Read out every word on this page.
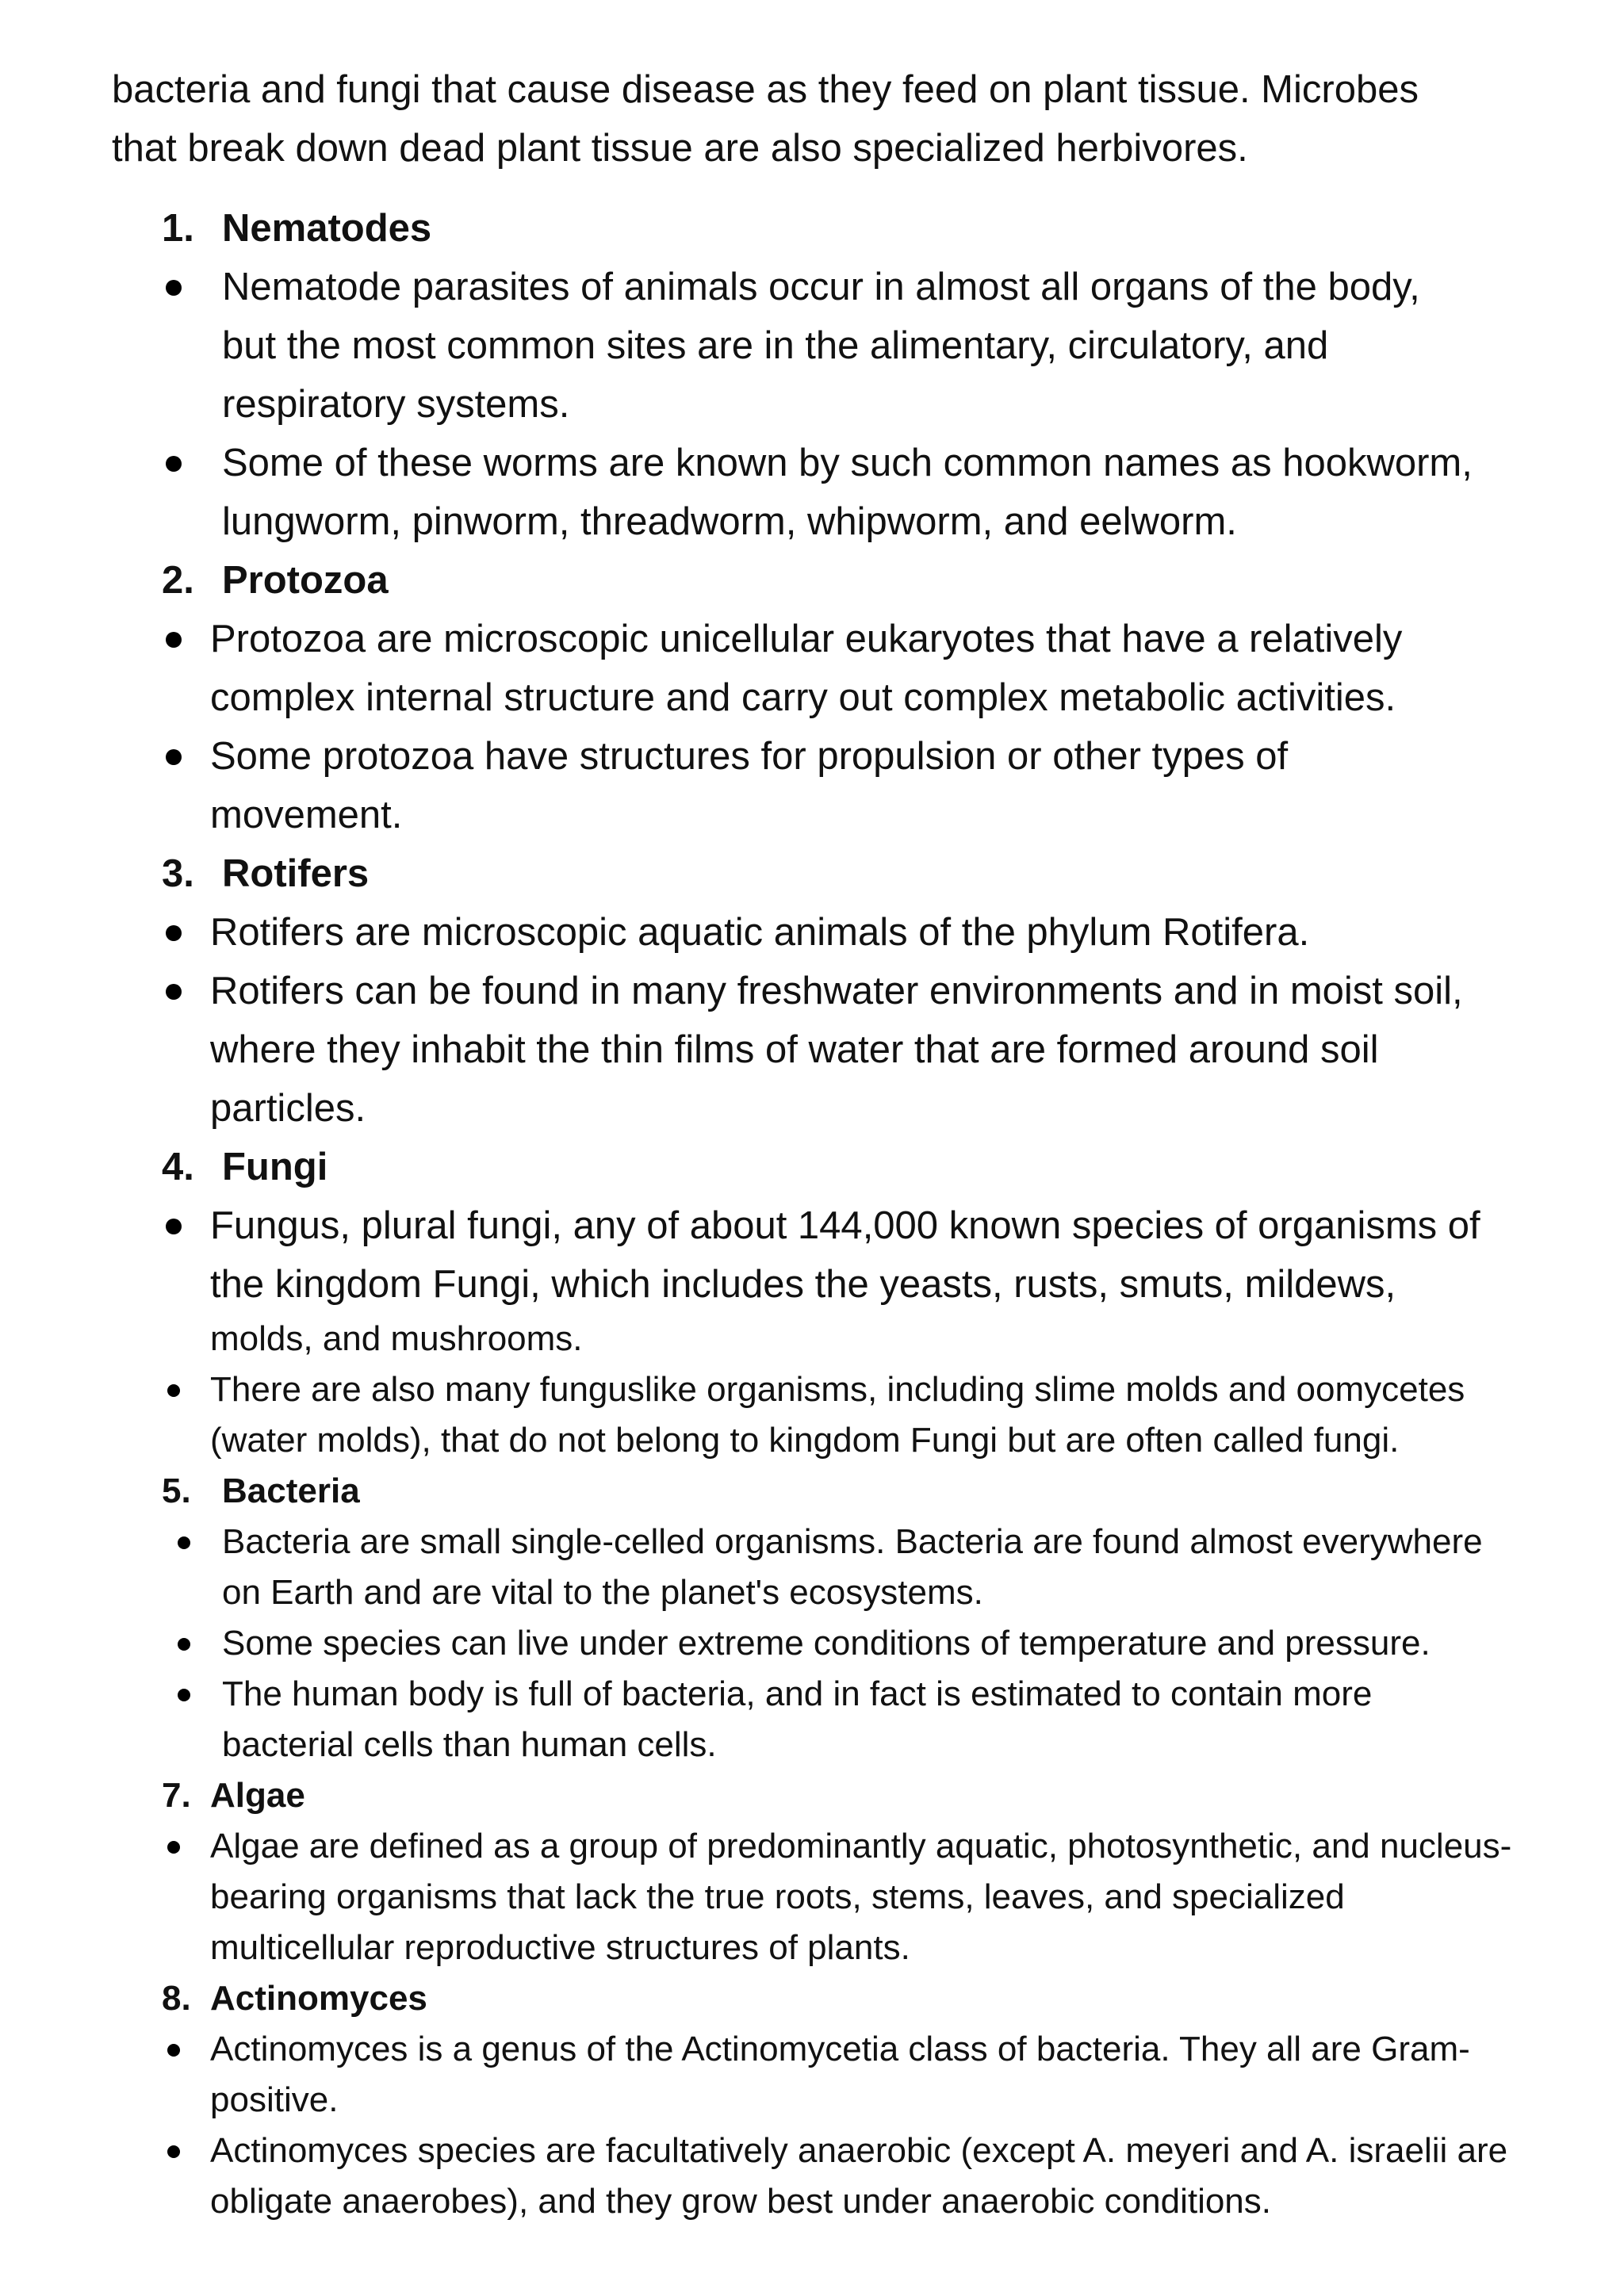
bacteria and fungi that cause disease as they feed on plant tissue. Microbes
that break down dead plant tissue are also specialized herbivores.
1. Nematodes
Nematode parasites of animals occur in almost all organs of the body,
but the most common sites are in the alimentary, circulatory, and
respiratory systems.
Some of these worms are known by such common names as hookworm,
lungworm, pinworm, threadworm, whipworm, and eelworm.
2. Protozoa
Protozoa are microscopic unicellular eukaryotes that have a relatively
complex internal structure and carry out complex metabolic activities.
Some protozoa have structures for propulsion or other types of
movement.
3. Rotifers
Rotifers are microscopic aquatic animals of the phylum Rotifera.
Rotifers can be found in many freshwater environments and in moist soil,
where they inhabit the thin films of water that are formed around soil
particles.
4. Fungi
Fungus, plural fungi, any of about 144,000 known species of organisms of
the kingdom Fungi, which includes the yeasts, rusts, smuts, mildews,
molds, and mushrooms.
There are also many funguslike organisms, including slime molds and oomycetes
(water molds), that do not belong to kingdom Fungi but are often called fungi.
5. Bacteria
Bacteria are small single-celled organisms. Bacteria are found almost everywhere
on Earth and are vital to the planet's ecosystems.
Some species can live under extreme conditions of temperature and pressure.
The human body is full of bacteria, and in fact is estimated to contain more
bacterial cells than human cells.
7. Algae
Algae are defined as a group of predominantly aquatic, photosynthetic, and nucleus-
bearing organisms that lack the true roots, stems, leaves, and specialized
multicellular reproductive structures of plants.
8. Actinomyces
Actinomyces is a genus of the Actinomycetia class of bacteria. They all are Gram-
positive.
Actinomyces species are facultatively anaerobic (except A. meyeri and A. israelii are
obligate anaerobes), and they grow best under anaerobic conditions.
